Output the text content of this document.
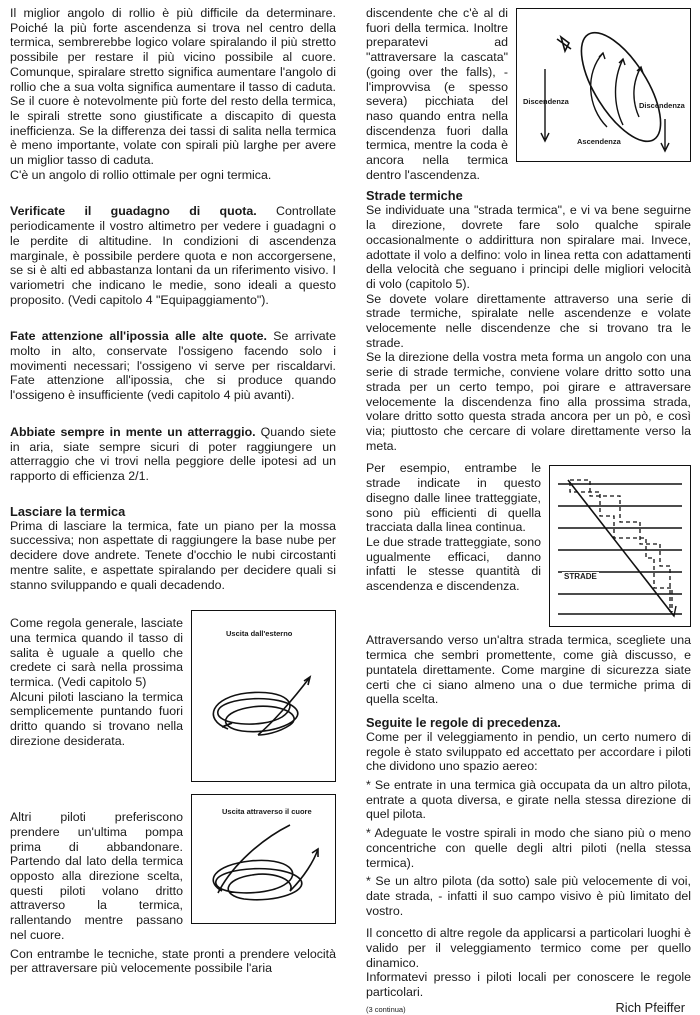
Il miglior angolo di rollio è più difficile da determinare. Poiché la più forte ascendenza si trova nel centro della termica, sembrerebbe logico volare spiralando il più stretto possibile per restare il più vicino possibile al cuore. Comunque, spiralare stretto significa aumentare l'angolo di rollio che a sua volta significa aumentare il tasso di caduta. Se il cuore è notevolmente più forte del resto della termica, le spirali strette sono giustificate a discapito di questa inefficienza. Se la differenza dei tassi di salita nella termica è meno importante, volate con spirali più larghe per avere un miglior tasso di caduta.

C'è un angolo di rollio ottimale per ogni termica.

Verificate il guadagno di quota. Controllate periodicamente il vostro altimetro per vedere i guadagni o le perdite di altitudine. In condizioni di ascendenza marginale, è possibile perdere quota e non accorgersene, se si è alti ed abbastanza lontani da un riferimento visivo. I variometri che indicano le medie, sono ideali a questo proposito. (Vedi capitolo 4 "Equipaggiamento").

Fate attenzione all'ipossia alle alte quote. Se arrivate molto in alto, conservate l'ossigeno facendo solo i movimenti necessari; l'ossigeno vi serve per riscaldarvi. Fate attenzione all'ipossia, che si produce quando l'ossigeno è insufficiente (vedi capitolo 4 più avanti).

Abbiate sempre in mente un atterraggio. Quando siete in aria, siate sempre sicuri di poter raggiungere un atterraggio che vi trovi nella peggiore delle ipotesi ad un rapporto di efficienza 2/1.

Lasciare la termica

Prima di lasciare la termica, fate un piano per la mossa successiva; non aspettate di raggiungere la base nube per decidere dove andrete. Tenete d'occhio le nubi circostanti mentre salite, e aspettate spiralando per decidere quali si stanno sviluppando e quali decadendo.

Come regola generale, lasciate una termica quando il tasso di salita è uguale a quello che credete ci sarà nella prossima termica. (Vedi capitolo 5)

Alcuni piloti lasciano la termica semplicemente puntando fuori dritto quando si trovano nella direzione desiderata.

Uscita dall'esterno

Altri piloti preferiscono prendere un'ultima pompa prima di abbandonare. Partendo dal lato della termica opposto alla direzione scelta, questi piloti volano dritto attraverso la termica, rallentando mentre passano nel cuore.

Uscita attraverso il cuore

Con entrambe le tecniche, state pronti a prendere velocità per attraversare più velocemente possibile l'aria

discendente che c'è al di fuori della termica. Inoltre preparatevi ad "attraversare la cascata" (going over the falls), - l'improvvisa (e spesso severa) picchiata del naso quando entra nella discendenza fuori dalla termica, mentre la coda è ancora nella termica dentro l'ascendenza.

Discendenza	Discendenza
Ascendenza
Strade termiche

Se individuate una "strada termica", e vi va bene seguirne la direzione, dovrete fare solo qualche spirale occasionalmente o addirittura non spiralare mai. Invece, adottate il volo a delfino: volo in linea retta con adattamenti della velocità che seguano i principi delle migliori velocità di volo (capitolo 5).

Se dovete volare direttamente attraverso una serie di strade termiche, spiralate nelle ascendenze e volate velocemente nelle discendenze che si trovano tra le strade.

Se la direzione della vostra meta forma un angolo con una serie di strade termiche, conviene volare dritto sotto una strada per un certo tempo, poi girare e attraversare velocemente la discendenza fino alla prossima strada, volare dritto sotto questa strada ancora per un pò, e così via; piuttosto che cercare di volare direttamente verso la meta.

Per esempio, entrambe le strade indicate in questo disegno dalle linee tratteggiate, sono più efficienti di quella tracciata dalla linea continua.

Le due strade tratteggiate, sono ugualmente efficaci, danno infatti le stesse quantità di ascendenza e discendenza.

STRADE

Attraversando verso un'altra strada termica, scegliete una termica che sembri promettente, come già discusso, e puntatela direttamente. Come margine di sicurezza siate certi che ci siano almeno una o due termiche prima di quella scelta.

Seguite le regole di precedenza.

Come per il veleggiamento in pendio, un certo numero di regole è stato sviluppato ed accettato per accordare i piloti che dividono uno spazio aereo:

* Se entrate in una termica già occupata da un altro pilota, entrate a quota diversa, e girate nella stessa direzione di quel pilota.

* Adeguate le vostre spirali in modo che siano più o meno concentriche con quelle degli altri piloti (nella stessa termica).

* Se un altro pilota (da sotto) sale più velocemente di voi, date strada, - infatti il suo campo visivo è più limitato del vostro.

Il concetto di altre regole da applicarsi a particolari luoghi è valido per il veleggiamento termico come per quello dinamico.

Informatevi presso i piloti locali per conoscere le regole particolari.

(3 continua)	Rich Pfeiffer
